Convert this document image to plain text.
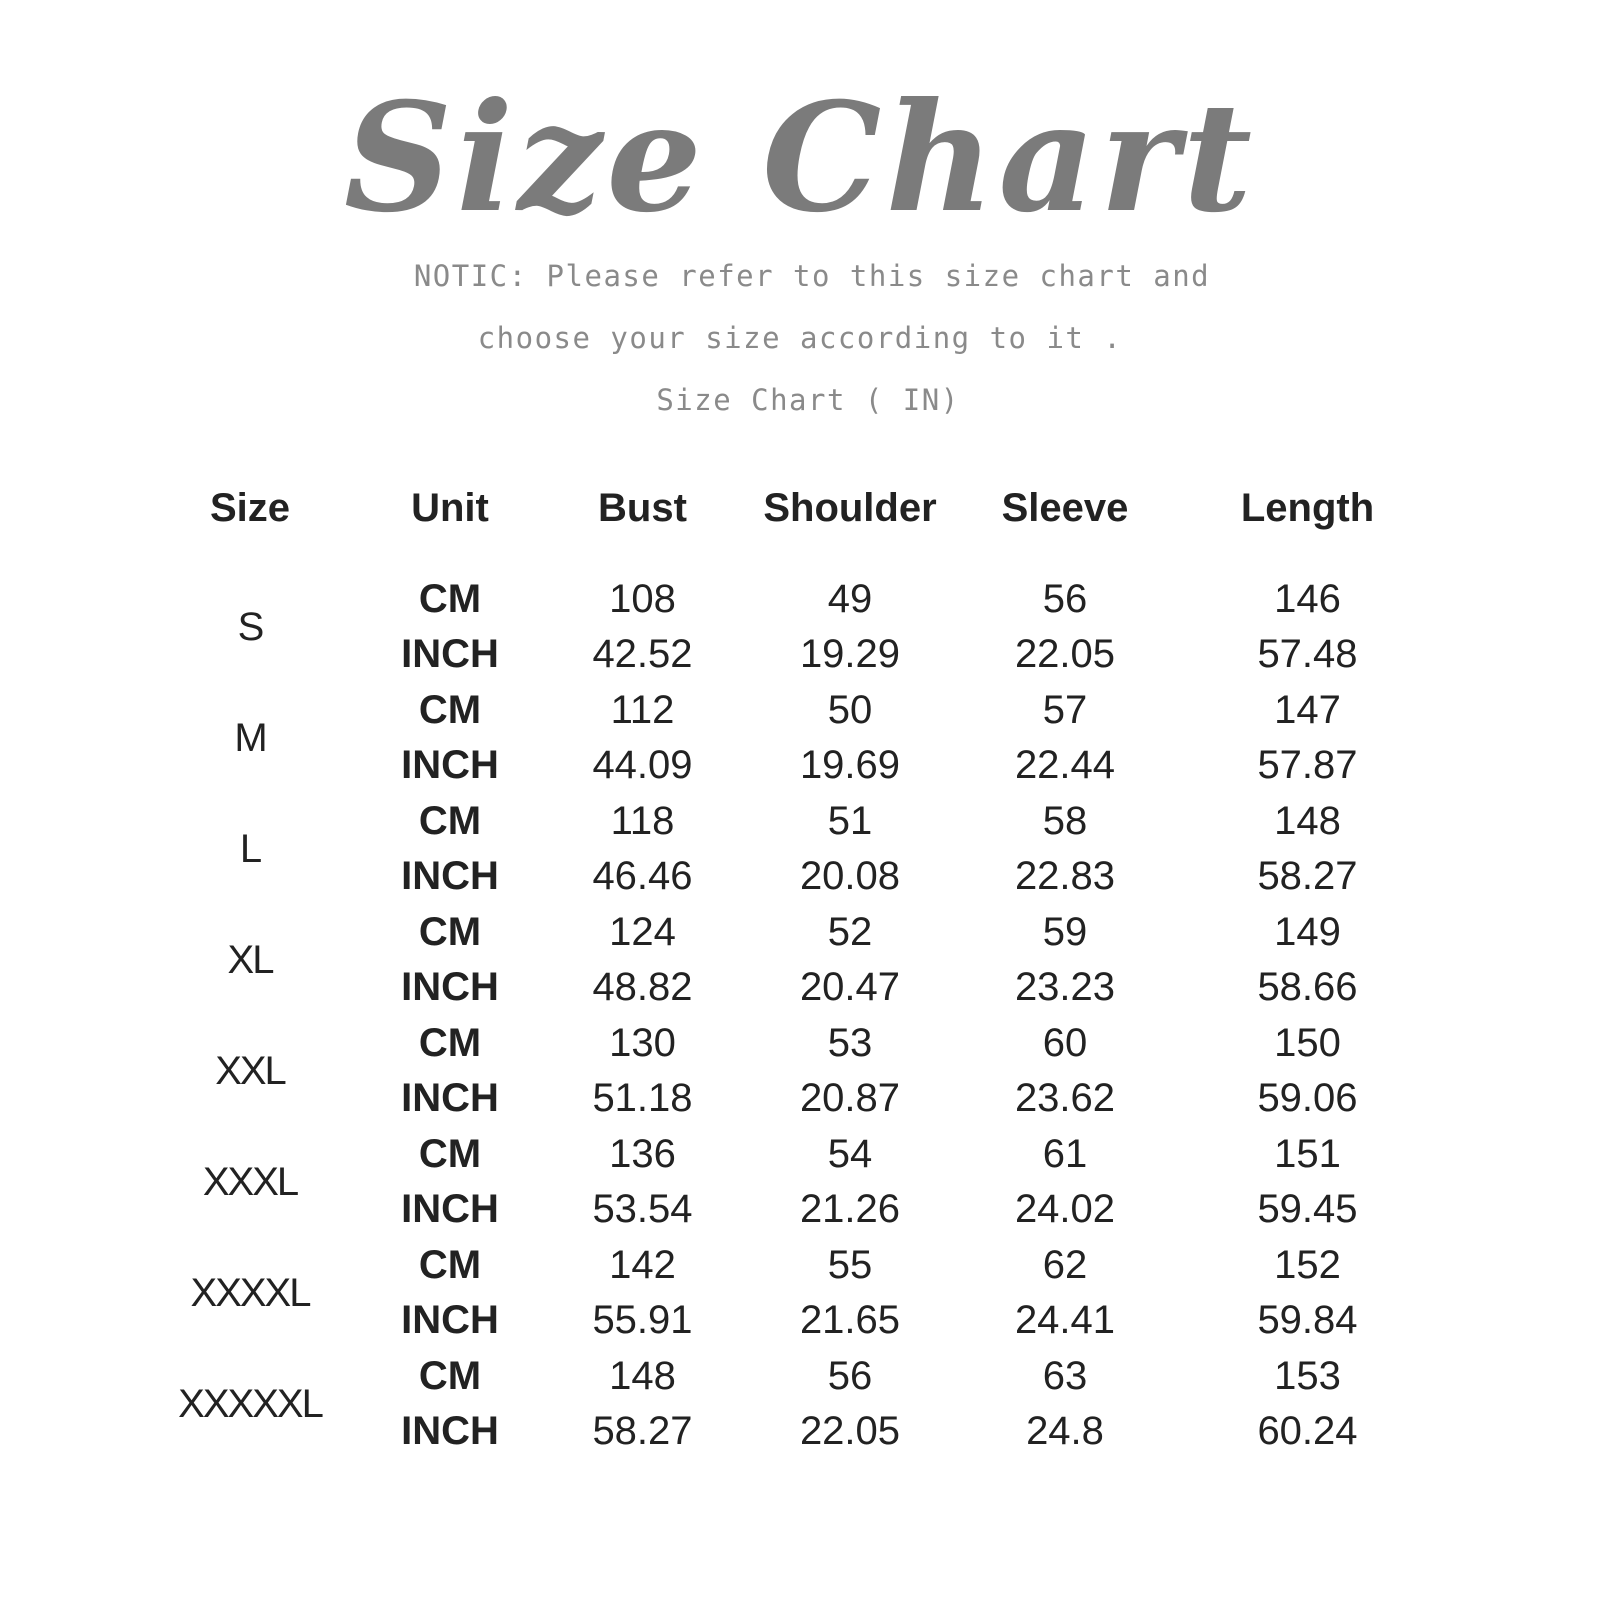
Size Chart

NOTIC: Please refer to this size chart and

choose your size according to it .

Size Chart ( IN)

Size	Unit	Bust	Shoulder	Sleeve	Length

S	CM	108	49	56	146
	INCH	42.52	19.29	22.05	57.48
M	CM	112	50	57	147
	INCH	44.09	19.69	22.44	57.87
L	CM	118	51	58	148
	INCH	46.46	20.08	22.83	58.27
XL	CM	124	52	59	149
	INCH	48.82	20.47	23.23	58.66
XXL	CM	130	53	60	150
	INCH	51.18	20.87	23.62	59.06
XXXL	CM	136	54	61	151
	INCH	53.54	21.26	24.02	59.45
XXXXL	CM	142	55	62	152
	INCH	55.91	21.65	24.41	59.84
XXXXXL	CM	148	56	63	153
	INCH	58.27	22.05	24.8	60.24
